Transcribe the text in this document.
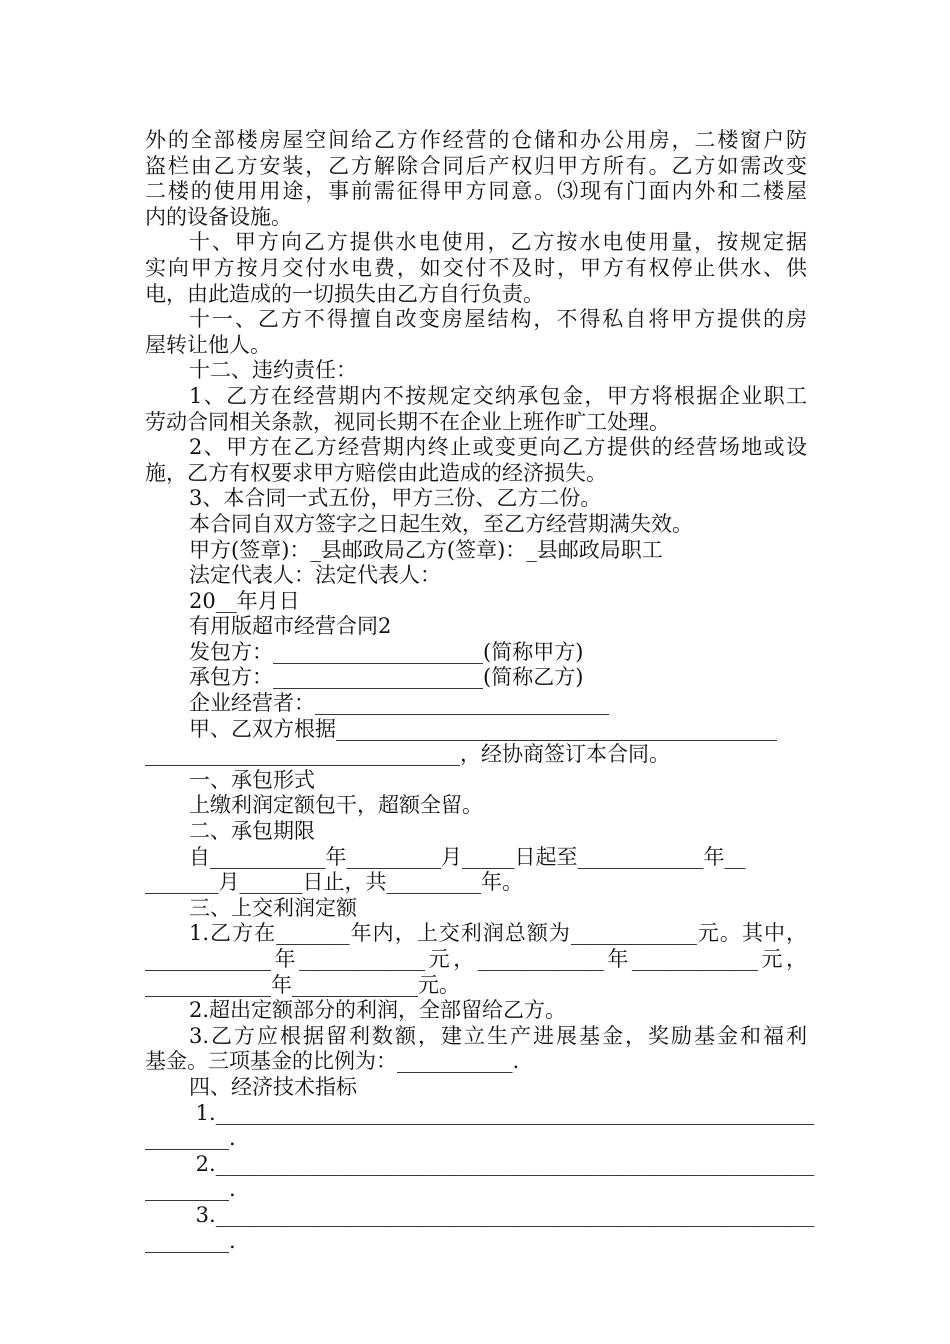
外的全部楼房屋空间给乙方作经营的仓储和办公用房，二楼窗户防
盗栏由乙方安装，乙方解除合同后产权归甲方所有。乙方如需改变
二楼的使用用途，事前需征得甲方同意。⑶现有门面内外和二楼屋
内的设备设施。
十、甲方向乙方提供水电使用，乙方按水电使用量，按规定据
实向甲方按月交付水电费，如交付不及时，甲方有权停止供水、供
电，由此造成的一切损失由乙方自行负责。
十一、乙方不得擅自改变房屋结构，不得私自将甲方提供的房
屋转让他人。
十二、违约责任：
1、乙方在经营期内不按规定交纳承包金，甲方将根据企业职工
劳动合同相关条款，视同长期不在企业上班作旷工处理。
2、甲方在乙方经营期内终止或变更向乙方提供的经营场地或设
施，乙方有权要求甲方赔偿由此造成的经济损失。
3、本合同一式五份，甲方三份、乙方二份。
本合同自双方签字之日起生效，至乙方经营期满失效。
甲方(签章)：_县邮政局乙方(签章)：_县邮政局职工
法定代表人：法定代表人：
20__年月日
有用版超市经营合同2
发包方：____________________(简称甲方)
承包方：____________________(简称乙方)
企业经营者：____________________________
甲、乙双方根据__________________________________________
______________________________，经协商签订本合同。
一、承包形式
上缴利润定额包干，超额全留。
二、承包期限
自___________年_________月_____日起至____________年__
_______月______日止，共_________年。
三、上交利润定额
1.乙方在_______年内，上交利润总额为____________元。其中，
____________年____________元，____________年____________元，
____________年____________元。
2.超出定额部分的利润，全部留给乙方。
3.乙方应根据留利数额，建立生产进展基金，奖励基金和福利
基金。三项基金的比例为：___________.
四、经济技术指标
1._________________________________________________________
________.
2._________________________________________________________
________.
3._________________________________________________________
________.
